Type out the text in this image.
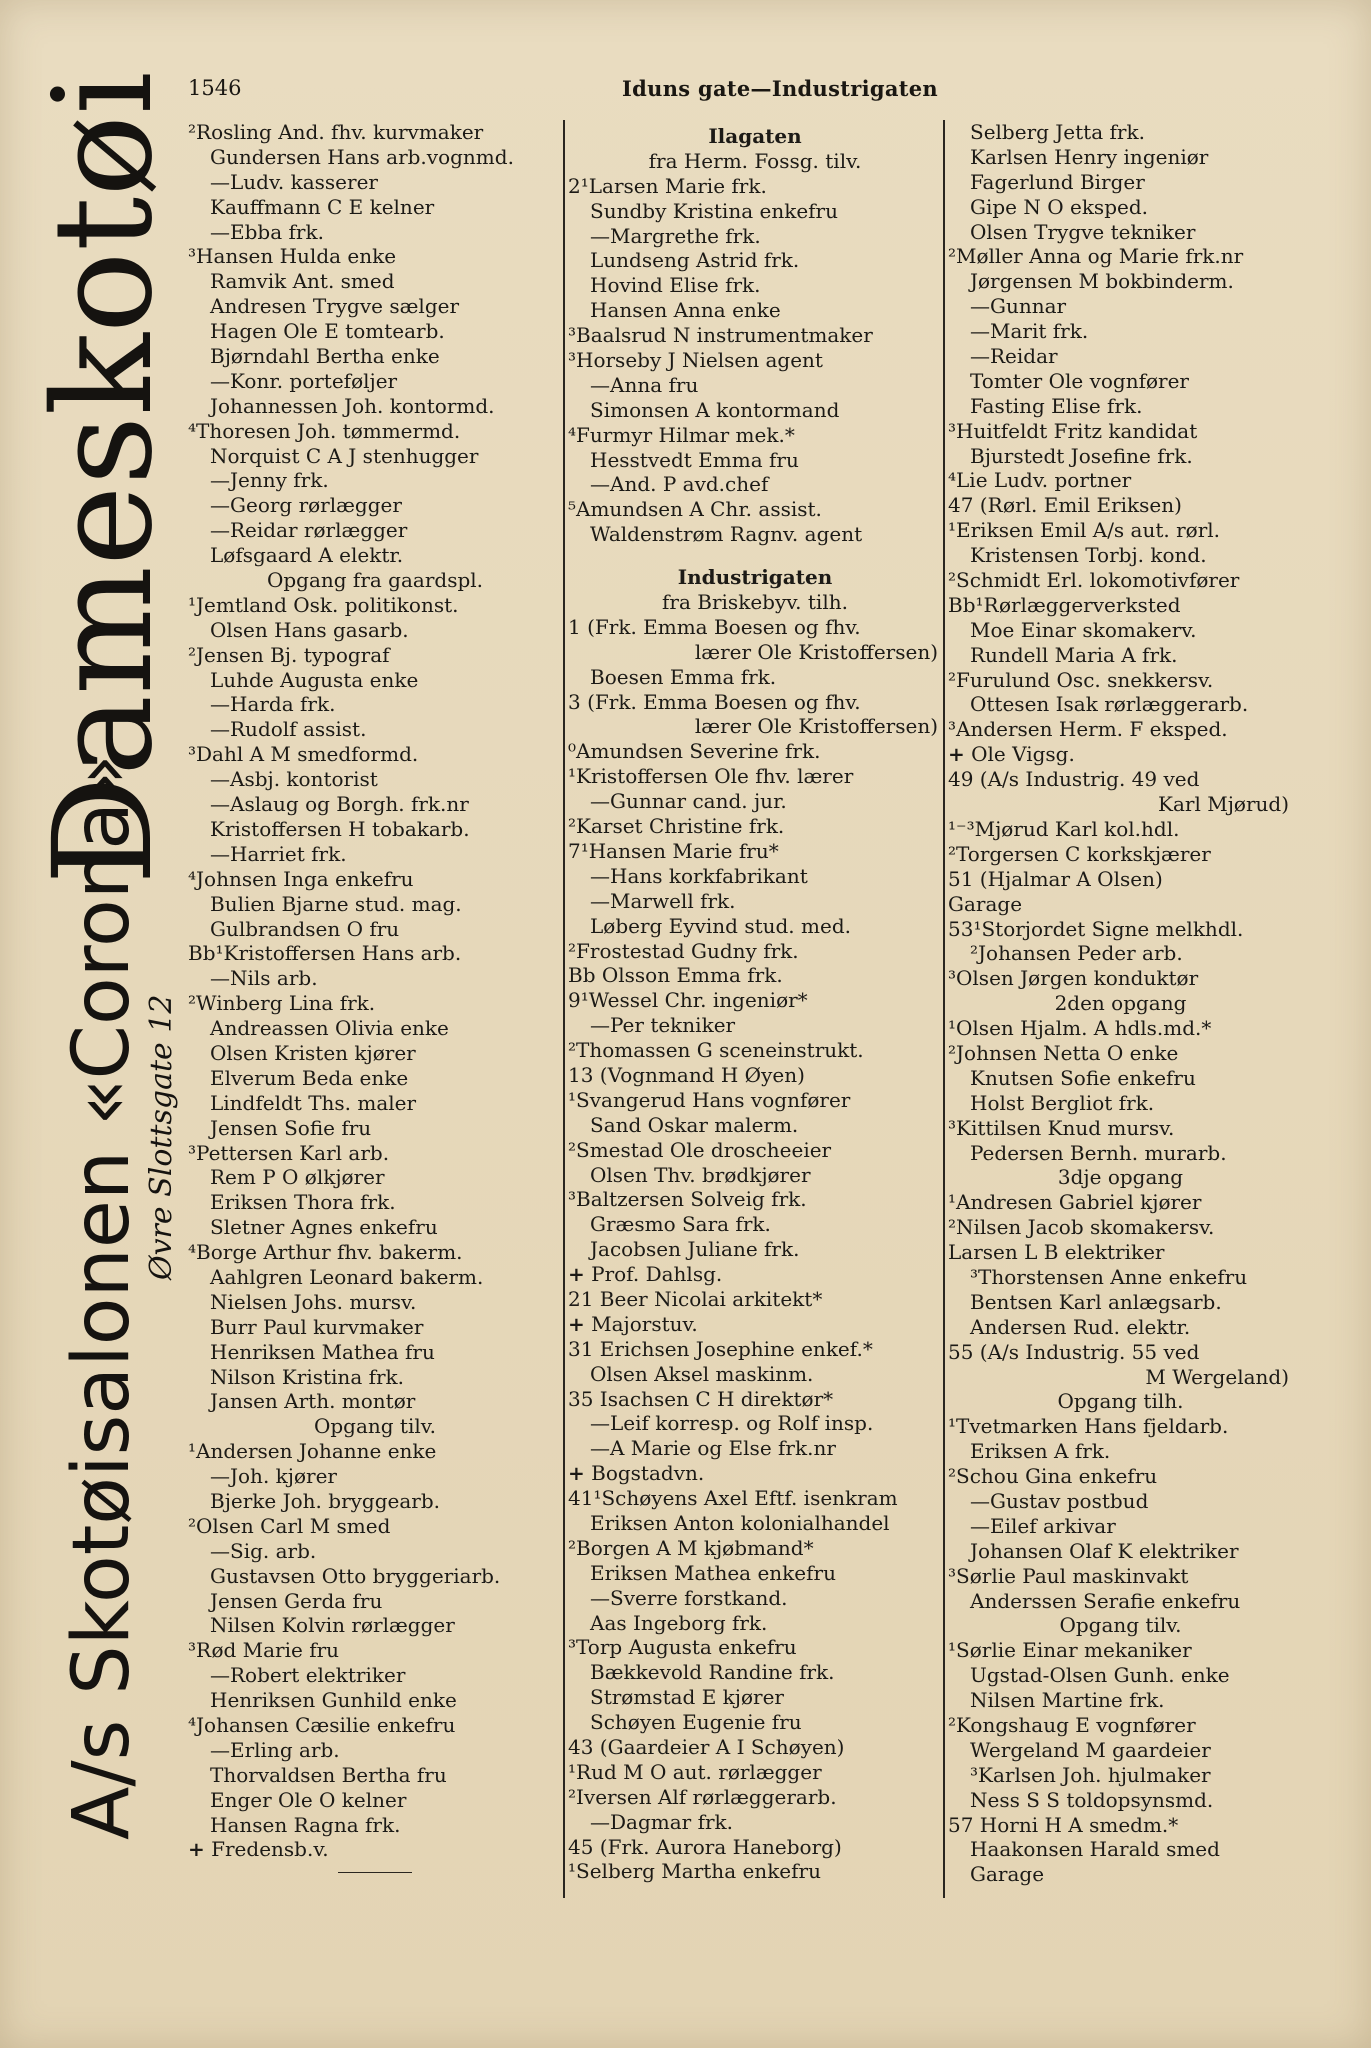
1546	Iduns gate—Industrigaten
A/s Skotøisalonen «Corona»
Øvre Slottsgate 12
Dameskotøi ²Rosling And. fhv. kurvmaker
Gundersen Hans arb.vognmd.
—Ludv. kasserer
Kauffmann C E kelner
—Ebba frk.
³Hansen Hulda enke
Ramvik Ant. smed
Andresen Trygve sælger
Hagen Ole E tomtearb.
Bjørndahl Bertha enke
—Konr. porteføljer
Johannessen Joh. kontormd.
⁴Thoresen Joh. tømmermd.
Norquist C A J stenhugger
—Jenny frk.
—Georg rørlægger
—Reidar rørlægger
Løfsgaard A elektr.
Opgang fra gaardspl.
¹Jemtland Osk. politikonst.
Olsen Hans gasarb.
²Jensen Bj. typograf
Luhde Augusta enke
—Harda frk.
—Rudolf assist.
³Dahl A M smedformd.
—Asbj. kontorist
—Aslaug og Borgh. frk.nr
Kristoffersen H tobakarb.
—Harriet frk.
⁴Johnsen Inga enkefru
Bulien Bjarne stud. mag.
Gulbrandsen O fru
Bb¹Kristoffersen Hans arb.
—Nils arb.
²Winberg Lina frk.
Andreassen Olivia enke
Olsen Kristen kjører
Elverum Beda enke
Lindfeldt Ths. maler
Jensen Sofie fru
³Pettersen Karl arb.
Rem P O ølkjører
Eriksen Thora frk.
Sletner Agnes enkefru
⁴Borge Arthur fhv. bakerm.
Aahlgren Leonard bakerm.
Nielsen Johs. mursv.
Burr Paul kurvmaker
Henriksen Mathea fru
Nilson Kristina frk.
Jansen Arth. montør
Opgang tilv.
¹Andersen Johanne enke
—Joh. kjører
Bjerke Joh. bryggearb.
²Olsen Carl M smed
—Sig. arb.
Gustavsen Otto bryggeriarb.
Jensen Gerda fru
Nilsen Kolvin rørlægger
³Rød Marie fru
—Robert elektriker
Henriksen Gunhild enke
⁴Johansen Cæsilie enkefru
—Erling arb.
Thorvaldsen Bertha fru
Enger Ole O kelner
Hansen Ragna frk.
+ Fredensb.v.
Ilagaten
fra Herm. Fossg. tilv.
2¹Larsen Marie frk.
Sundby Kristina enkefru
—Margrethe frk.
Lundseng Astrid frk.
Hovind Elise frk.
Hansen Anna enke
³Baalsrud N instrumentmaker
³Horseby J Nielsen agent
—Anna fru
Simonsen A kontormand
⁴Furmyr Hilmar mek.*
Hesstvedt Emma fru
—And. P avd.chef
⁵Amundsen A Chr. assist.
Waldenstrøm Ragnv. agent
Industrigaten
fra Briskebyv. tilh.
1 (Frk. Emma Boesen og fhv.
lærer Ole Kristoffersen)
Boesen Emma frk.
3 (Frk. Emma Boesen og fhv.
lærer Ole Kristoffersen)
⁰Amundsen Severine frk.
¹Kristoffersen Ole fhv. lærer
—Gunnar cand. jur.
²Karset Christine frk.
7¹Hansen Marie fru*
—Hans korkfabrikant
—Marwell frk.
Løberg Eyvind stud. med.
²Frostestad Gudny frk.
Bb Olsson Emma frk.
9¹Wessel Chr. ingeniør*
—Per tekniker
²Thomassen G sceneinstrukt.
13 (Vognmand H Øyen)
¹Svangerud Hans vognfører
Sand Oskar malerm.
²Smestad Ole droscheeier
Olsen Thv. brødkjører
³Baltzersen Solveig frk.
Græsmo Sara frk.
Jacobsen Juliane frk.
+ Prof. Dahlsg.
21 Beer Nicolai arkitekt*
+ Majorstuv.
31 Erichsen Josephine enkef.*
Olsen Aksel maskinm.
35 Isachsen C H direktør*
—Leif korresp. og Rolf insp.
—A Marie og Else frk.nr
+ Bogstadvn.
41¹Schøyens Axel Eftf. isenkram
Eriksen Anton kolonialhandel
²Borgen A M kjøbmand*
Eriksen Mathea enkefru
—Sverre forstkand.
Aas Ingeborg frk.
³Torp Augusta enkefru
Bækkevold Randine frk.
Strømstad E kjører
Schøyen Eugenie fru
43 (Gaardeier A I Schøyen)
¹Rud M O aut. rørlægger
²Iversen Alf rørlæggerarb.
—Dagmar frk.
45 (Frk. Aurora Haneborg)
¹Selberg Martha enkefru
Selberg Jetta frk.
Karlsen Henry ingeniør
Fagerlund Birger
Gipe N O eksped.
Olsen Trygve tekniker
²Møller Anna og Marie frk.nr
Jørgensen M bokbinderm.
—Gunnar
—Marit frk.
—Reidar
Tomter Ole vognfører
Fasting Elise frk.
³Huitfeldt Fritz kandidat
Bjurstedt Josefine frk.
⁴Lie Ludv. portner
47 (Rørl. Emil Eriksen)
¹Eriksen Emil A/s aut. rørl.
Kristensen Torbj. kond.
²Schmidt Erl. lokomotivfører
Bb¹Rørlæggerverksted
Moe Einar skomakerv.
Rundell Maria A frk.
²Furulund Osc. snekkersv.
Ottesen Isak rørlæggerarb.
³Andersen Herm. F eksped.
+ Ole Vigsg.
49 (A/s Industrig. 49 ved
Karl Mjørud)
¹⁻³Mjørud Karl kol.hdl.
²Torgersen C korkskjærer
51 (Hjalmar A Olsen)
Garage
53¹Storjordet Signe melkhdl.
²Johansen Peder arb.
³Olsen Jørgen konduktør
2den opgang
¹Olsen Hjalm. A hdls.md.*
²Johnsen Netta O enke
Knutsen Sofie enkefru
Holst Bergliot frk.
³Kittilsen Knud mursv.
Pedersen Bernh. murarb.
3dje opgang
¹Andresen Gabriel kjører
²Nilsen Jacob skomakersv.
Larsen L B elektriker
³Thorstensen Anne enkefru
Bentsen Karl anlægsarb.
Andersen Rud. elektr.
55 (A/s Industrig. 55 ved
M Wergeland)
Opgang tilh.
¹Tvetmarken Hans fjeldarb.
Eriksen A frk.
²Schou Gina enkefru
—Gustav postbud
—Eilef arkivar
Johansen Olaf K elektriker
³Sørlie Paul maskinvakt
Anderssen Serafie enkefru
Opgang tilv.
¹Sørlie Einar mekaniker
Ugstad-Olsen Gunh. enke
Nilsen Martine frk.
²Kongshaug E vognfører
Wergeland M gaardeier
³Karlsen Joh. hjulmaker
Ness S S toldopsynsmd.
57 Horni H A smedm.*
Haakonsen Harald smed
Garage
